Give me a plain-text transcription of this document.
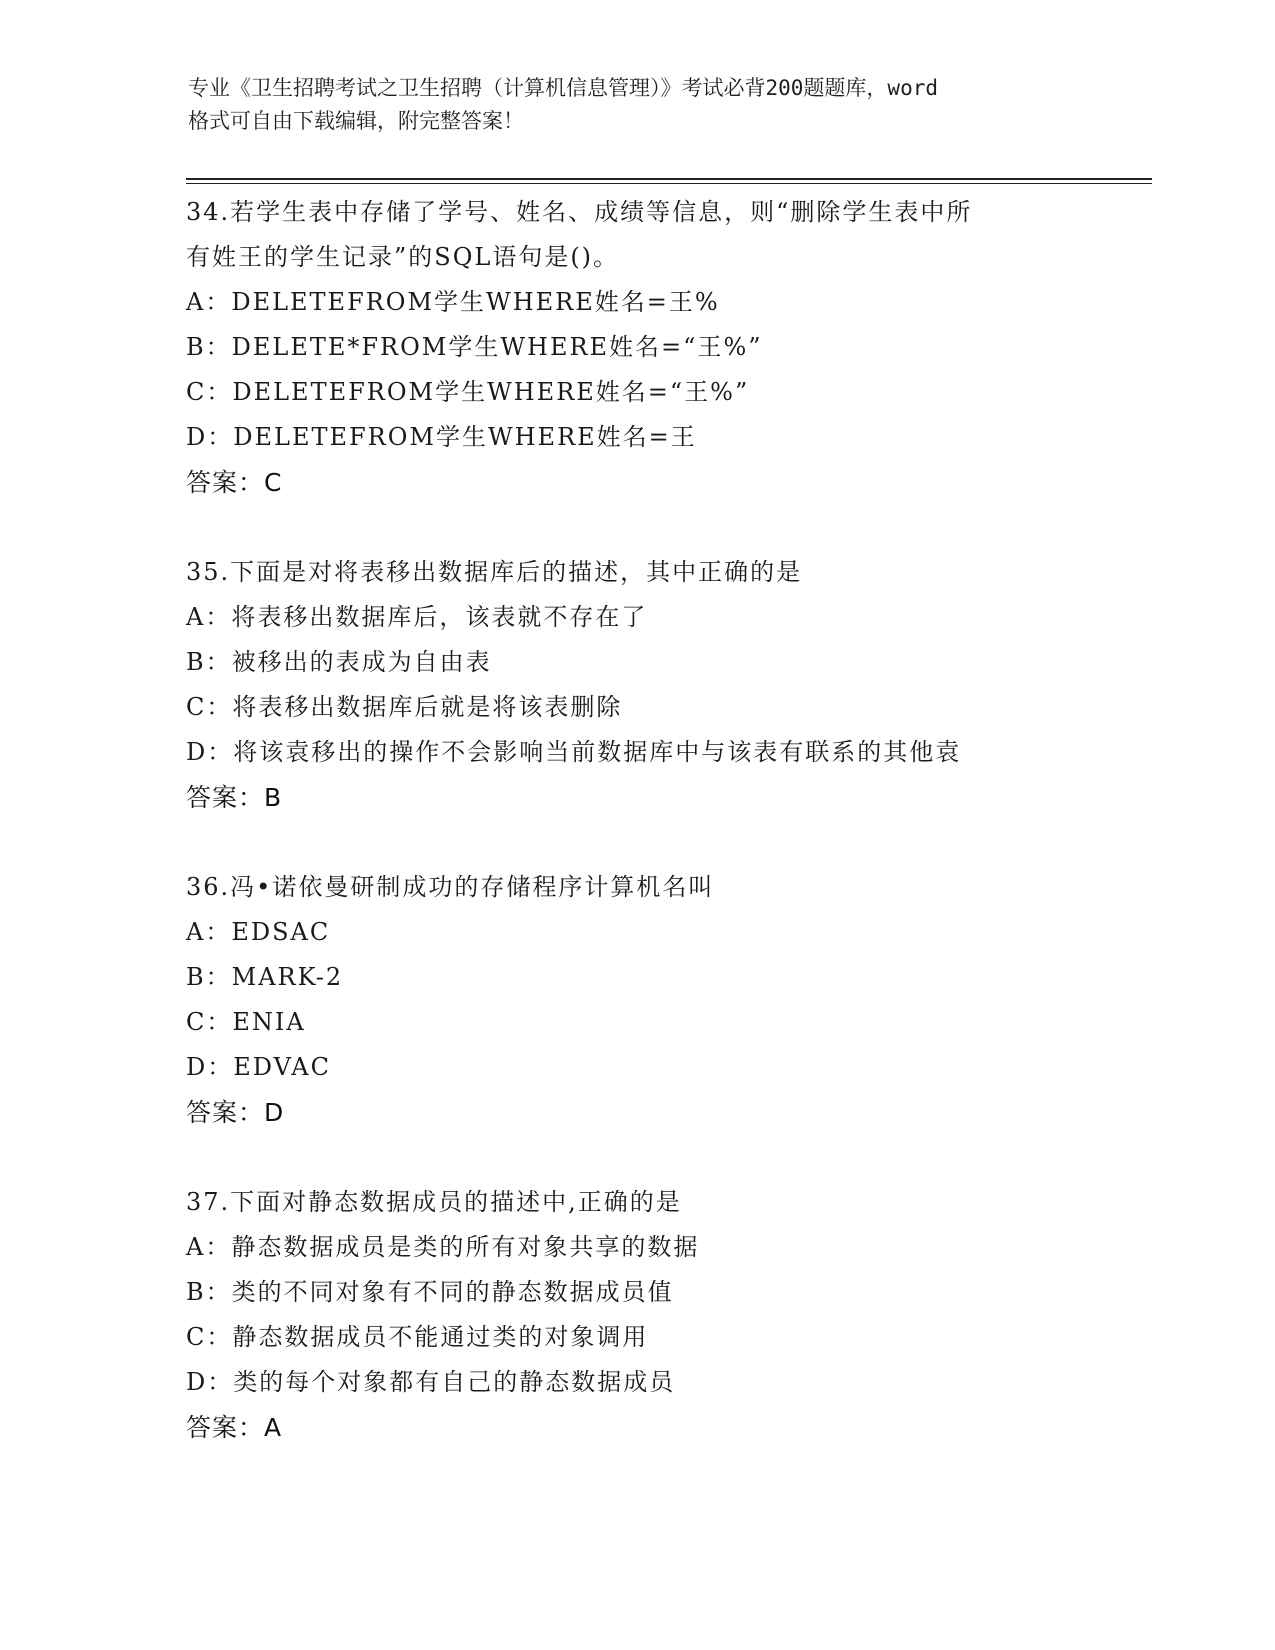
专业《卫生招聘考试之卫生招聘（计算机信息管理）》考试必背200题题库，word
格式可自由下载编辑，附完整答案！
34.若学生表中存储了学号、姓名、成绩等信息，则“删除学生表中所
有姓王的学生记录”的SQL语句是()。
A：DELETEFROM学生WHERE姓名=王%
B：DELETE*FROM学生WHERE姓名=“王%”
C：DELETEFROM学生WHERE姓名=“王%”
D：DELETEFROM学生WHERE姓名=王
答案：C
35.下面是对将表移出数据库后的描述，其中正确的是
A：将表移出数据库后，该表就不存在了
B：被移出的表成为自由表
C：将表移出数据库后就是将该表删除
D：将该袁移出的操作不会影响当前数据库中与该表有联系的其他袁
答案：B
36.冯•诺依曼研制成功的存储程序计算机名叫
A：EDSAC
B：MARK-2
C：ENIA
D：EDVAC
答案：D
37.下面对静态数据成员的描述中,正确的是
A：静态数据成员是类的所有对象共享的数据
B：类的不同对象有不同的静态数据成员值
C：静态数据成员不能通过类的对象调用
D：类的每个对象都有自己的静态数据成员
答案：A
